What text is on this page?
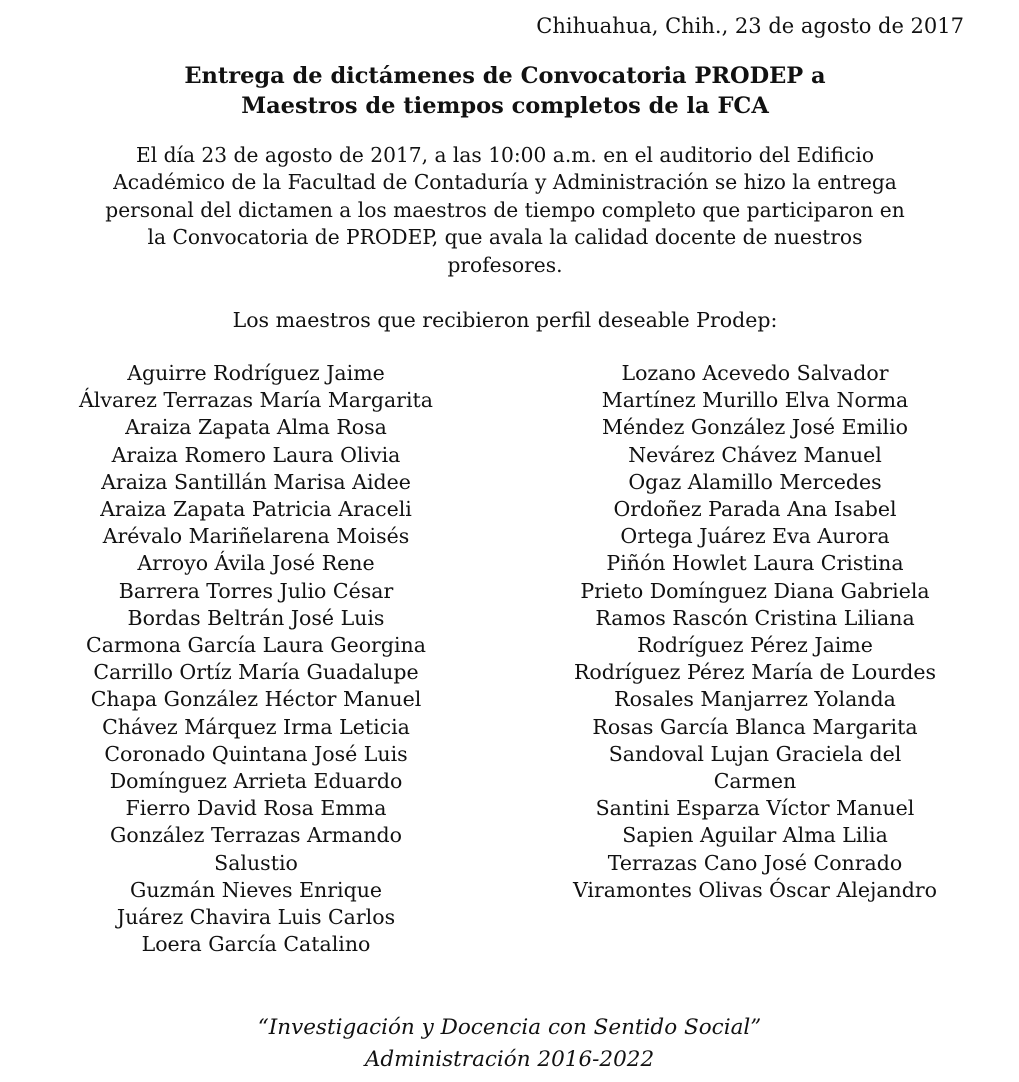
Chihuahua, Chih., 23 de agosto de 2017
Entrega de dictámenes de Convocatoria PRODEP a
Maestros de tiempos completos de la FCA
El día 23 de agosto de 2017, a las 10:00 a.m. en el auditorio del Edificio
Académico de la Facultad de Contaduría y Administración se hizo la entrega
personal del dictamen a los maestros de tiempo completo que participaron en
la Convocatoria de PRODEP, que avala la calidad docente de nuestros
profesores.
Los maestros que recibieron perfil deseable Prodep:
Aguirre Rodríguez Jaime
Álvarez Terrazas María Margarita
Araiza Zapata Alma Rosa
Araiza Romero Laura Olivia
Araiza Santillán Marisa Aidee
Araiza Zapata Patricia Araceli
Arévalo Mariñelarena Moisés
Arroyo Ávila José Rene
Barrera Torres Julio César
Bordas Beltrán José Luis
Carmona García Laura Georgina
Carrillo Ortíz María Guadalupe
Chapa González Héctor Manuel
Chávez Márquez Irma Leticia
Coronado Quintana José Luis
Domínguez Arrieta Eduardo
Fierro David Rosa Emma
González Terrazas Armando
Salustio
Guzmán Nieves Enrique
Juárez Chavira Luis Carlos
Loera García Catalino
Lozano Acevedo Salvador
Martínez Murillo Elva Norma
Méndez González José Emilio
Nevárez Chávez Manuel
Ogaz Alamillo Mercedes
Ordoñez Parada Ana Isabel
Ortega Juárez Eva Aurora
Piñón Howlet Laura Cristina
Prieto Domínguez Diana Gabriela
Ramos Rascón Cristina Liliana
Rodríguez Pérez Jaime
Rodríguez Pérez María de Lourdes
Rosales Manjarrez Yolanda
Rosas García Blanca Margarita
Sandoval Lujan Graciela del
Carmen
Santini Esparza Víctor Manuel
Sapien Aguilar Alma Lilia
Terrazas Cano José Conrado
Viramontes Olivas Óscar Alejandro
“Investigación y Docencia con Sentido Social”
Administración 2016-2022
